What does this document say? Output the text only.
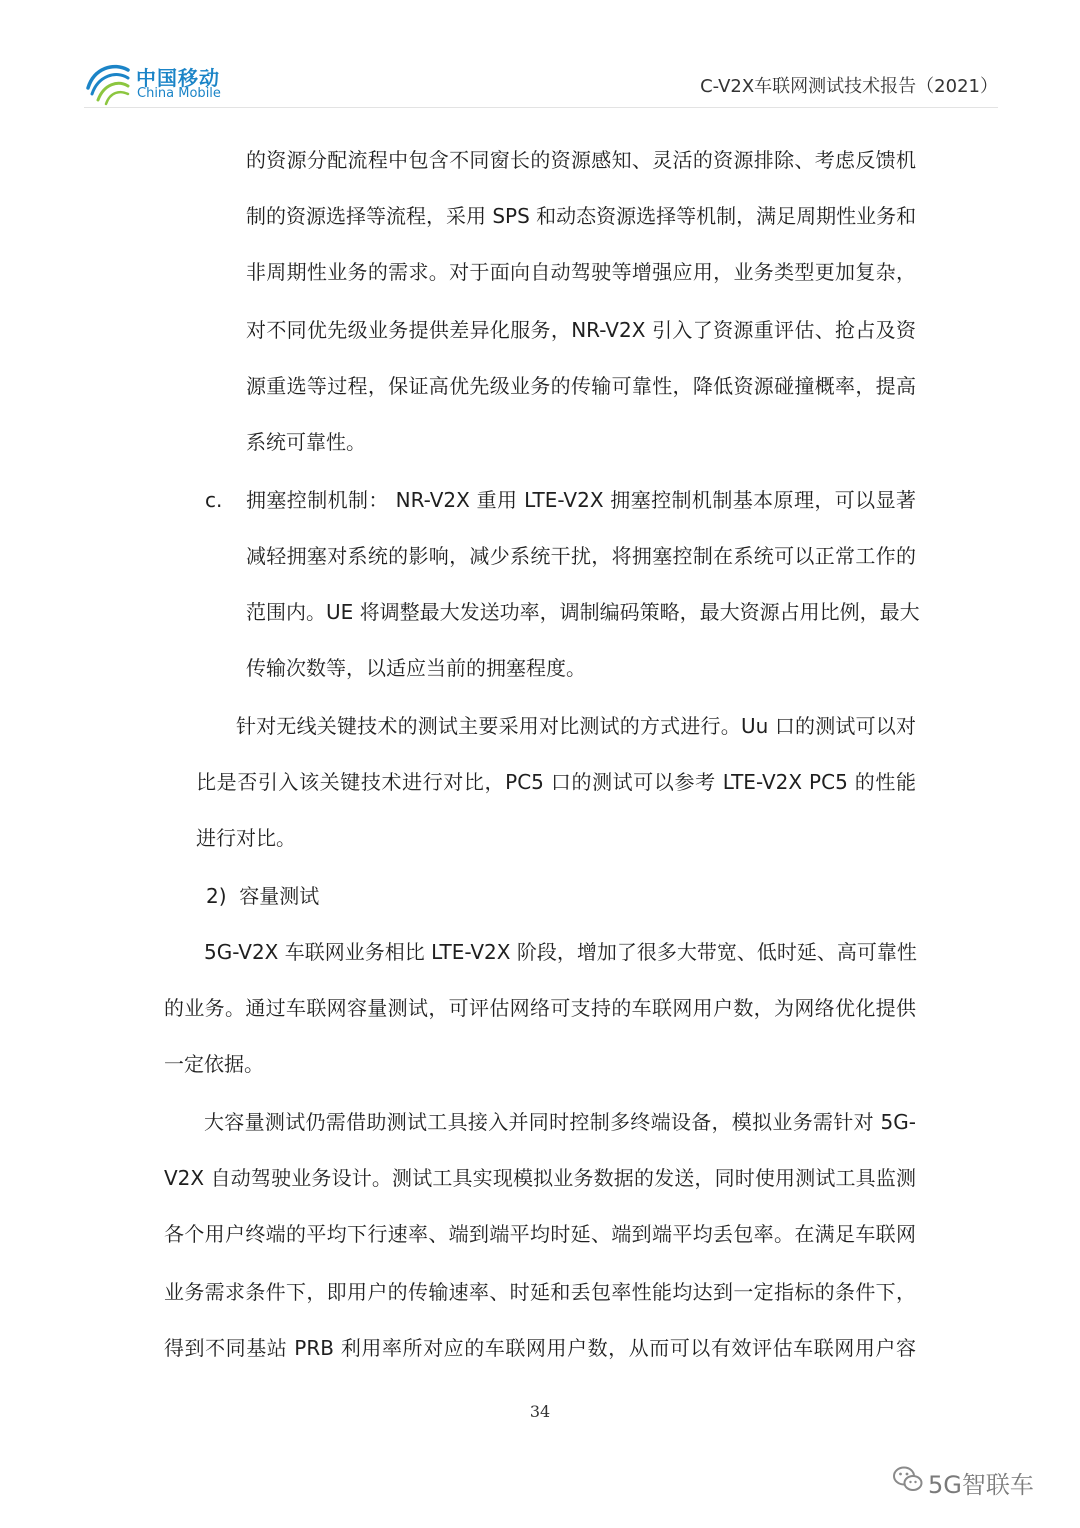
中国移动
China Mobile	C-V2X车联网测试技术报告（2021）
的资源分配流程中包含不同窗长的资源感知、灵活的资源排除、考虑反馈机
制的资源选择等流程，采用 SPS 和动态资源选择等机制，满足周期性业务和
非周期性业务的需求。对于面向自动驾驶等增强应用，业务类型更加复杂，
对不同优先级业务提供差异化服务，NR-V2X 引入了资源重评估、抢占及资
源重选等过程，保证高优先级业务的传输可靠性，降低资源碰撞概率，提高
系统可靠性。
c. 拥塞控制机制： NR-V2X 重用 LTE-V2X 拥塞控制机制基本原理，可以显著
减轻拥塞对系统的影响，减少系统干扰，将拥塞控制在系统可以正常工作的
范围内。UE 将调整最大发送功率，调制编码策略，最大资源占用比例，最大
传输次数等，以适应当前的拥塞程度。
针对无线关键技术的测试主要采用对比测试的方式进行。Uu 口的测试可以对
比是否引入该关键技术进行对比，PC5 口的测试可以参考 LTE-V2X PC5 的性能
进行对比。
2)  容量测试
5G-V2X 车联网业务相比 LTE-V2X 阶段，增加了很多大带宽、低时延、高可靠性
的业务。通过车联网容量测试，可评估网络可支持的车联网用户数，为网络优化提供
一定依据。
大容量测试仍需借助测试工具接入并同时控制多终端设备，模拟业务需针对 5G-
V2X 自动驾驶业务设计。测试工具实现模拟业务数据的发送，同时使用测试工具监测
各个用户终端的平均下行速率、端到端平均时延、端到端平均丢包率。在满足车联网
业务需求条件下，即用户的传输速率、时延和丢包率性能均达到一定指标的条件下，
得到不同基站 PRB 利用率所对应的车联网用户数，从而可以有效评估车联网用户容
34
5G智联车
